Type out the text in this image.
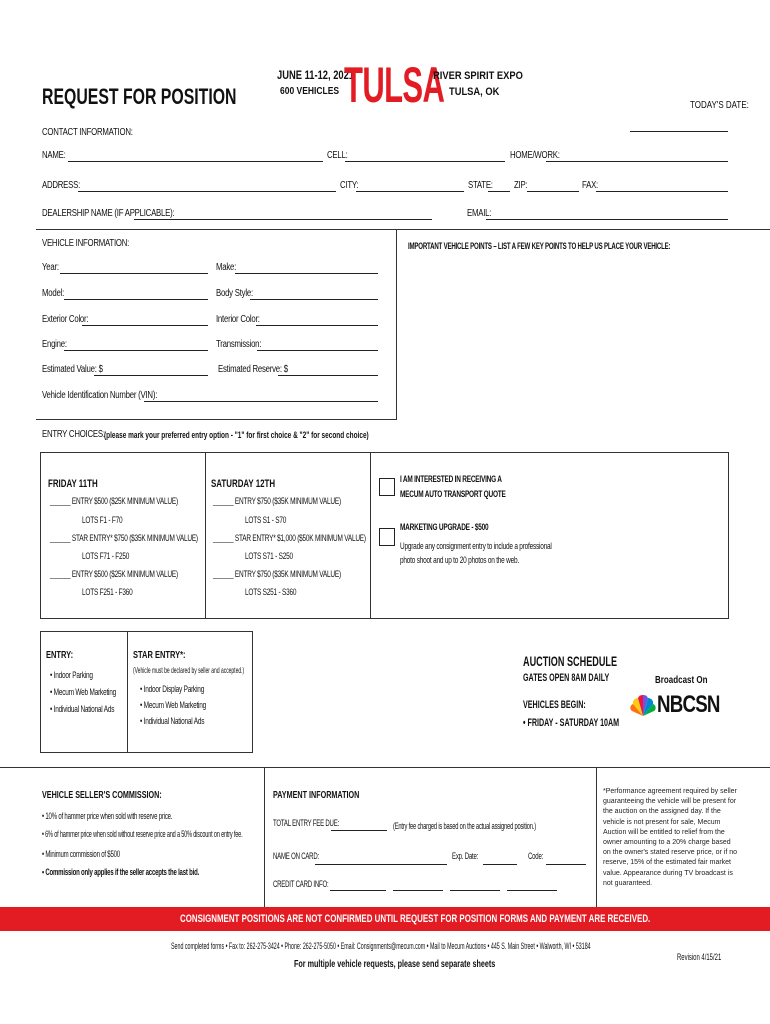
REQUEST FOR POSITION
JUNE 11-12, 2021
600 VEHICLES TULSA
RIVER SPIRIT EXPO
TULSA, OK
TODAY'S DATE:
CONTACT INFORMATION:
NAME:	CELL:	HOME/WORK:
ADDRESS:	CITY:	STATE: ZIP:	FAX:
DEALERSHIP NAME (IF APPLICABLE):	EMAIL:
VEHICLE INFORMATION:	IMPORTANT VEHICLE POINTS – LIST A FEW KEY POINTS TO HELP US PLACE YOUR VEHICLE:
Year:	Make:
Model:	Body Style:
Exterior Color:	Interior Color:
Engine:	Transmission:
Estimated Value: $	Estimated Reserve: $
Vehicle Identification Number (VIN):
ENTRY CHOICES: (please mark your preferred entry option - "1" for first choice & "2" for second choice)
FRIDAY 11TH
______ ENTRY $500 ($25K MINIMUM VALUE)
LOTS F1 - F70
______ STAR ENTRY* $750 ($35K MINIMUM VALUE)
LOTS F71 - F250
______ ENTRY $500 ($25K MINIMUM VALUE)
LOTS F251 - F360
SATURDAY 12TH
______ ENTRY $750 ($35K MINIMUM VALUE)
LOTS S1 - S70
______ STAR ENTRY* $1,000 ($50K MINIMUM VALUE)
LOTS S71 - S250
______ ENTRY $750 ($35K MINIMUM VALUE)
LOTS S251 - S360
I AM INTERESTED IN RECEIVING A
MECUM AUTO TRANSPORT QUOTE
MARKETING UPGRADE - $500
Upgrade any consignment entry to include a professional
photo shoot and up to 20 photos on the web.
ENTRY:
• Indoor Parking
• Mecum Web Marketing
• Individual National Ads
STAR ENTRY*:
(Vehicle must be declared by seller and accepted.)
• Indoor Display Parking
• Mecum Web Marketing
• Individual National Ads
AUCTION SCHEDULE
GATES OPEN 8AM DAILY
VEHICLES BEGIN:
• FRIDAY - SATURDAY 10AM
Broadcast On
NBCSN
VEHICLE SELLER'S COMMISSION:
• 10% of hammer price when sold with reserve price.
• 6% of hammer price when sold without reserve price and a 50% discount on entry fee.
• Minimum commission of $500
• Commission only applies if the seller accepts the last bid.
PAYMENT INFORMATION
TOTAL ENTRY FEE DUE:	(Entry fee charged is based on the actual assigned position.)
NAME ON CARD:	Exp. Date:	Code:
CREDIT CARD INFO:
*Performance agreement required by seller guaranteeing the vehicle will be present for the auction on the assigned day. If the vehicle is not present for sale, Mecum Auction will be entitled to relief from the owner amounting to a 20% charge based on the owner's stated reserve price, or if no reserve, 15% of the estimated fair market value. Appearance during TV broadcast is not guaranteed.
CONSIGNMENT POSITIONS ARE NOT CONFIRMED UNTIL REQUEST FOR POSITION FORMS AND PAYMENT ARE RECEIVED.
Send completed forms • Fax to: 262-275-3424 • Phone: 262-275-5050 • Email: Consignments@mecum.com • Mail to Mecum Auctions • 445 S. Main Street • Walworth, WI • 53184
For multiple vehicle requests, please send separate sheets
Revision 4/15/21
